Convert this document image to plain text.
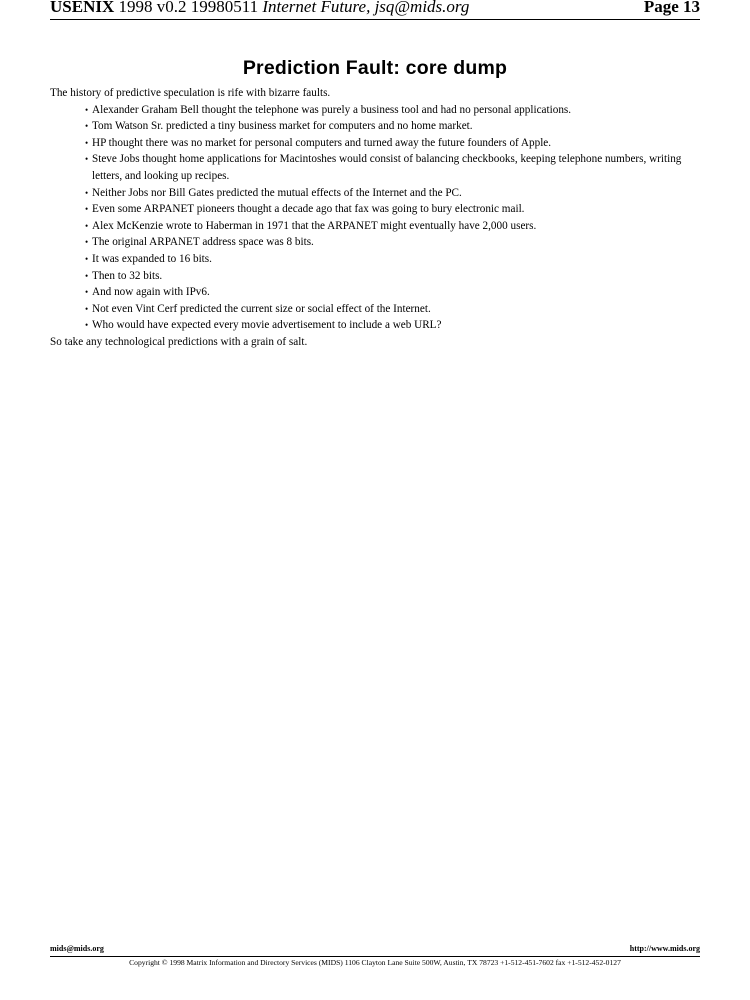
USENIX 1998 v0.2 19980511 Internet Future, jsq@mids.org	Page 13
Prediction Fault: core dump

The history of predictive speculation is rife with bizarre faults.

• Alexander Graham Bell thought the telephone was purely a business tool and had no personal applications.
• Tom Watson Sr. predicted a tiny business market for computers and no home market.
• HP thought there was no market for personal computers and turned away the future founders of Apple.
• Steve Jobs thought home applications for Macintoshes would consist of balancing checkbooks, keeping telephone numbers, writing letters, and looking up recipes.
• Neither Jobs nor Bill Gates predicted the mutual effects of the Internet and the PC.
• Even some ARPANET pioneers thought a decade ago that fax was going to bury electronic mail.
• Alex McKenzie wrote to Haberman in 1971 that the ARPANET might eventually have 2,000 users.
• The original ARPANET address space was 8 bits.
• It was expanded to 16 bits.
• Then to 32 bits.
• And now again with IPv6.
• Not even Vint Cerf predicted the current size or social effect of the Internet.
• Who would have expected every movie advertisement to include a web URL?

So take any technological predictions with a grain of salt.

mids@mids.org	http://www.mids.org
Copyright © 1998 Matrix Information and Directory Services (MIDS) 1106 Clayton Lane Suite 500W, Austin, TX 78723 +1-512-451-7602 fax +1-512-452-0127
